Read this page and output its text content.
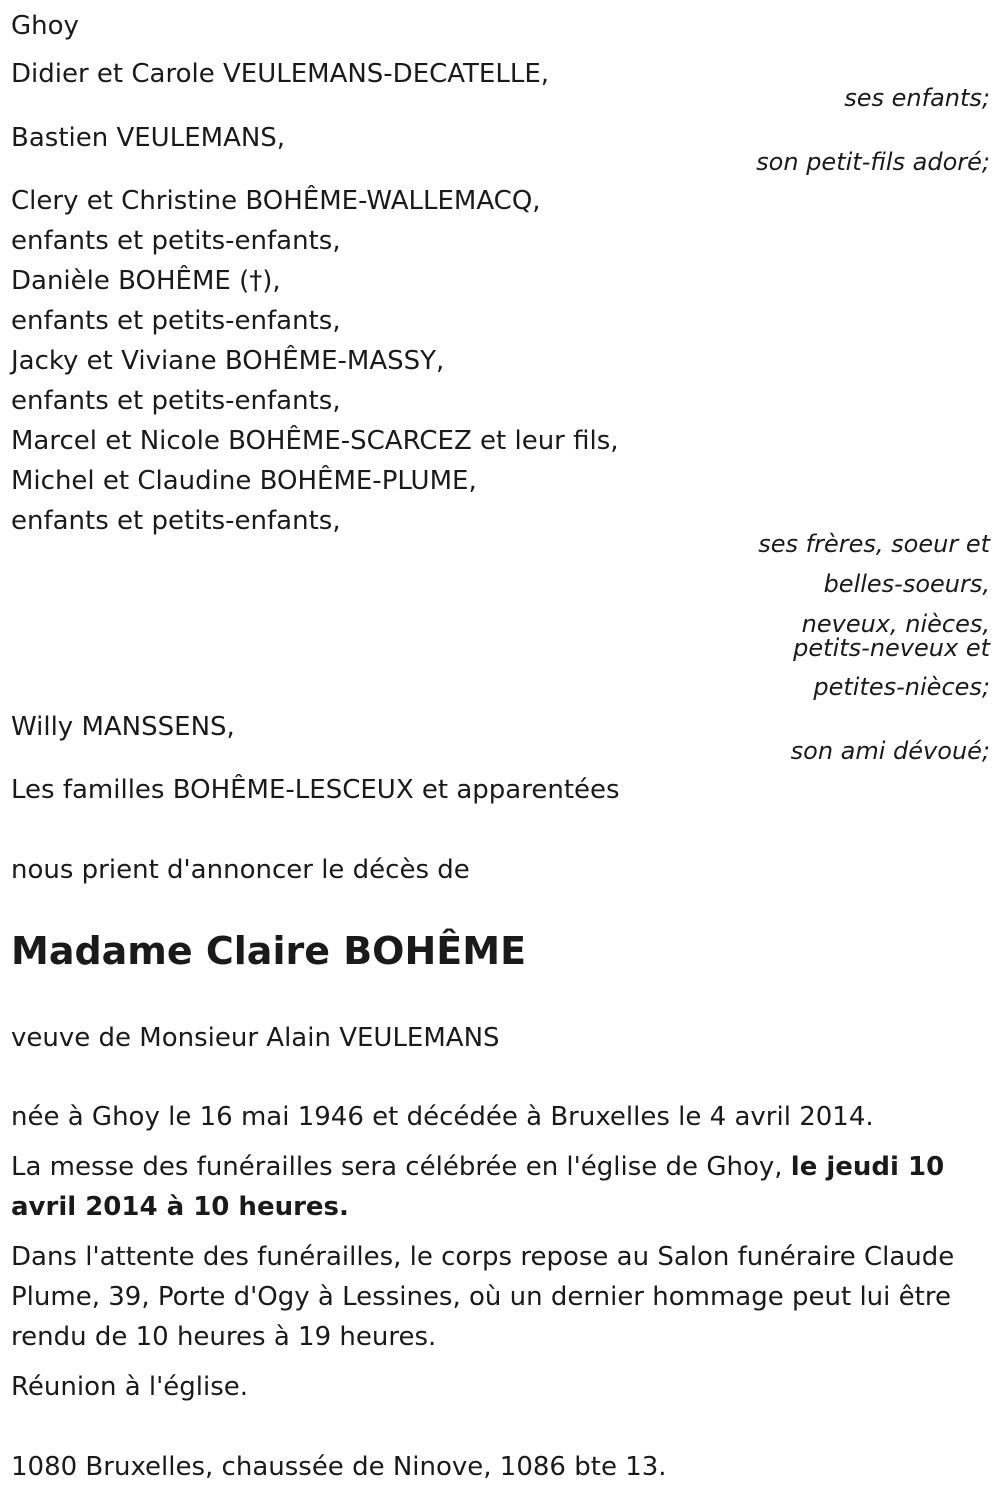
Ghoy
Didier et Carole VEULEMANS-DECATELLE,
ses enfants;
Bastien VEULEMANS,
son petit-fils adoré;
Clery et Christine BOHÊME-WALLEMACQ,
enfants et petits-enfants,
Danièle BOHÊME (†),
enfants et petits-enfants,
Jacky et Viviane BOHÊME-MASSY,
enfants et petits-enfants,
Marcel et Nicole BOHÊME-SCARCEZ et leur fils,
Michel et Claudine BOHÊME-PLUME,
enfants et petits-enfants,
ses frères, soeur et
belles-soeurs,
neveux, nièces,
petits-neveux et
petites-nièces;
Willy MANSSENS,
son ami dévoué;
Les familles BOHÊME-LESCEUX et apparentées
nous prient d'annoncer le décès de
Madame Claire BOHÊME
veuve de Monsieur Alain VEULEMANS
née à Ghoy le 16 mai 1946 et décédée à Bruxelles le 4 avril 2014.
La messe des funérailles sera célébrée en l'église de Ghoy, le jeudi 10 avril 2014 à 10 heures.
Dans l'attente des funérailles, le corps repose au Salon funéraire Claude Plume, 39, Porte d'Ogy à Lessines, où un dernier hommage peut lui être rendu de 10 heures à 19 heures.
Réunion à l'église.
1080 Bruxelles, chaussée de Ninove, 1086 bte 13.
